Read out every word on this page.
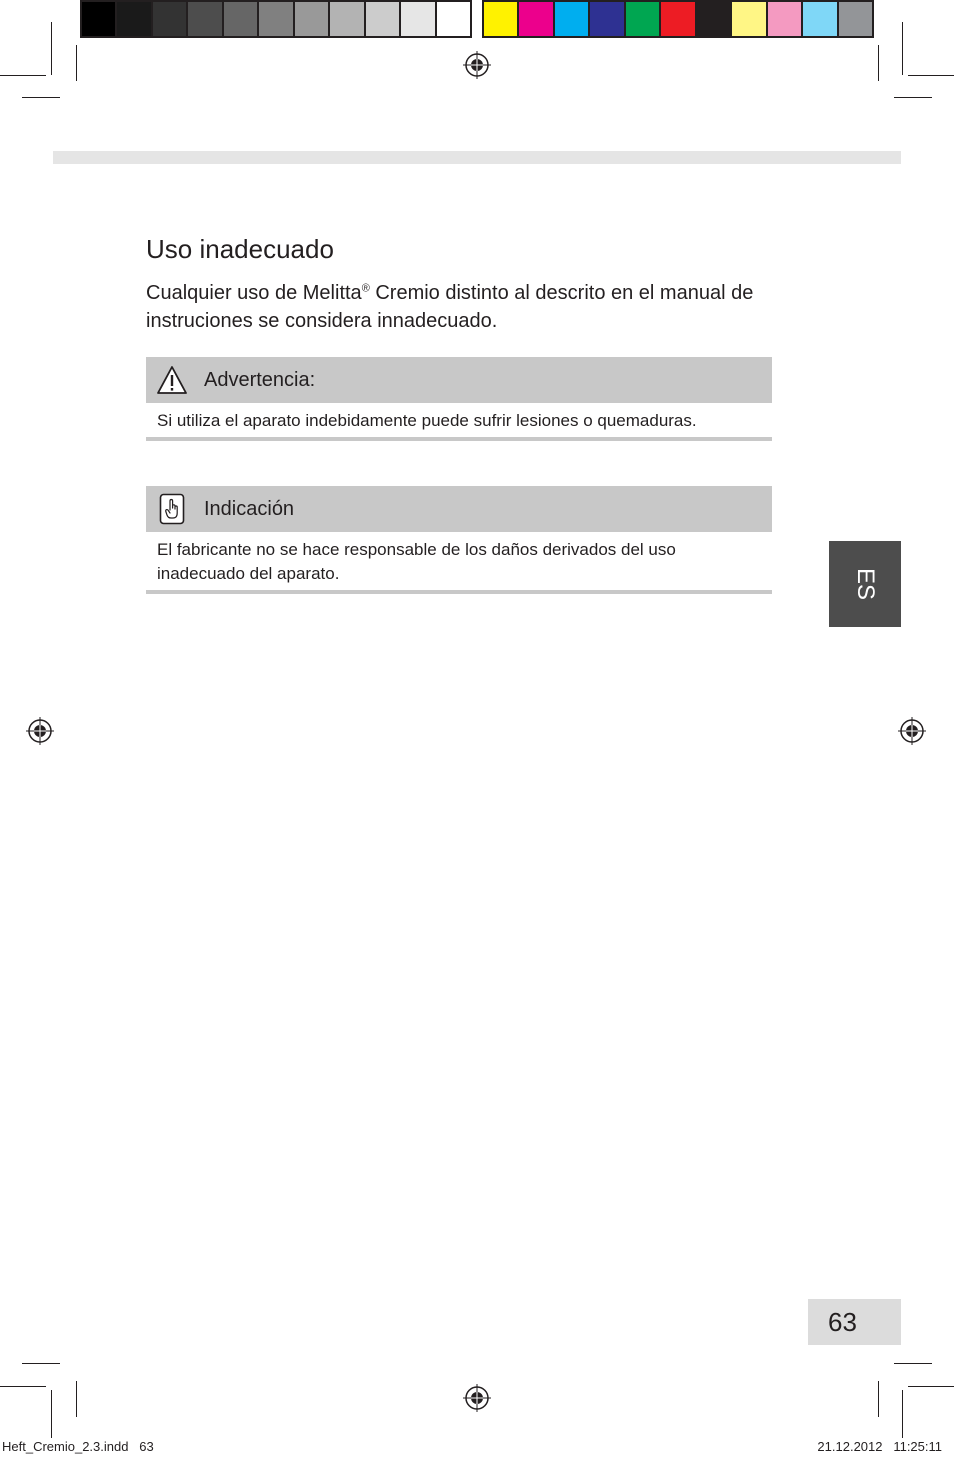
Uso inadecuado

Cualquier uso de Melitta® Cremio distinto al descrito en el manual de instruciones se considera innadecuado.

Advertencia:
Si utiliza el aparato indebidamente puede sufrir lesiones o quemaduras.
Indicación
El fabricante no se hace responsable de los daños derivados del uso inadecuado del aparato.	ES
63
Heft_Cremio_2.3.indd   63	21.12.2012   11:25:11
